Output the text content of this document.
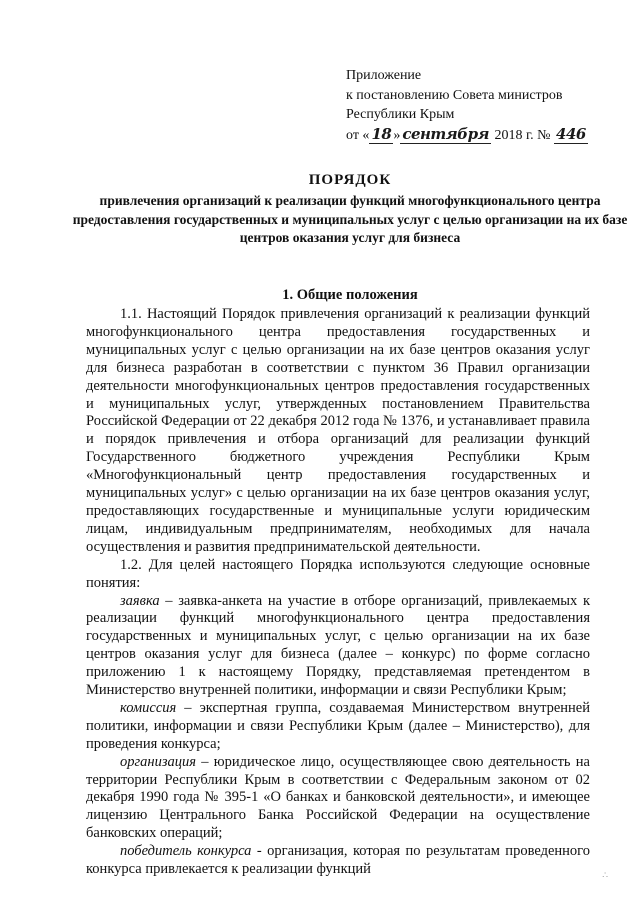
Приложение
к постановлению Совета министров
Республики Крым
от « 18 » сентября 2018 г. № 446
ПОРЯДОК
привлечения организаций к реализации функций многофункционального центра предоставления государственных и муниципальных услуг с целью организации на их базе центров оказания услуг для бизнеса
1. Общие положения

1.1. Настоящий Порядок привлечения организаций к реализации функций многофункционального центра предоставления государственных и муниципальных услуг с целью организации на их базе центров оказания услуг для бизнеса разработан в соответствии с пунктом 36 Правил организации деятельности многофункциональных центров предоставления государственных и муниципальных услуг, утвержденных постановлением Правительства Российской Федерации от 22 декабря 2012 года № 1376, и устанавливает правила и порядок привлечения и отбора организаций для реализации функций Государственного бюджетного учреждения Республики Крым «Многофункциональный центр предоставления государственных и муниципальных услуг» с целью организации на их базе центров оказания услуг, предоставляющих государственные и муниципальные услуги юридическим лицам, индивидуальным предпринимателям, необходимых для начала осуществления и развития предпринимательской деятельности.

1.2. Для целей настоящего Порядка используются следующие основные понятия:

заявка – заявка-анкета на участие в отборе организаций, привлекаемых к реализации функций многофункционального центра предоставления государственных и муниципальных услуг, с целью организации на их базе центров оказания услуг для бизнеса (далее – конкурс) по форме согласно приложению 1 к настоящему Порядку, представляемая претендентом в Министерство внутренней политики, информации и связи Республики Крым;

комиссия – экспертная группа, создаваемая Министерством внутренней политики, информации и связи Республики Крым (далее – Министерство), для проведения конкурса;

организация – юридическое лицо, осуществляющее свою деятельность на территории Республики Крым в соответствии с Федеральным законом от 02 декабря 1990 года № 395-1 «О банках и банковской деятельности», и имеющее лицензию Центрального Банка Российской Федерации на осуществление банковских операций;

победитель конкурса - организация, которая по результатам проведенного конкурса привлекается к реализации функций	∴
